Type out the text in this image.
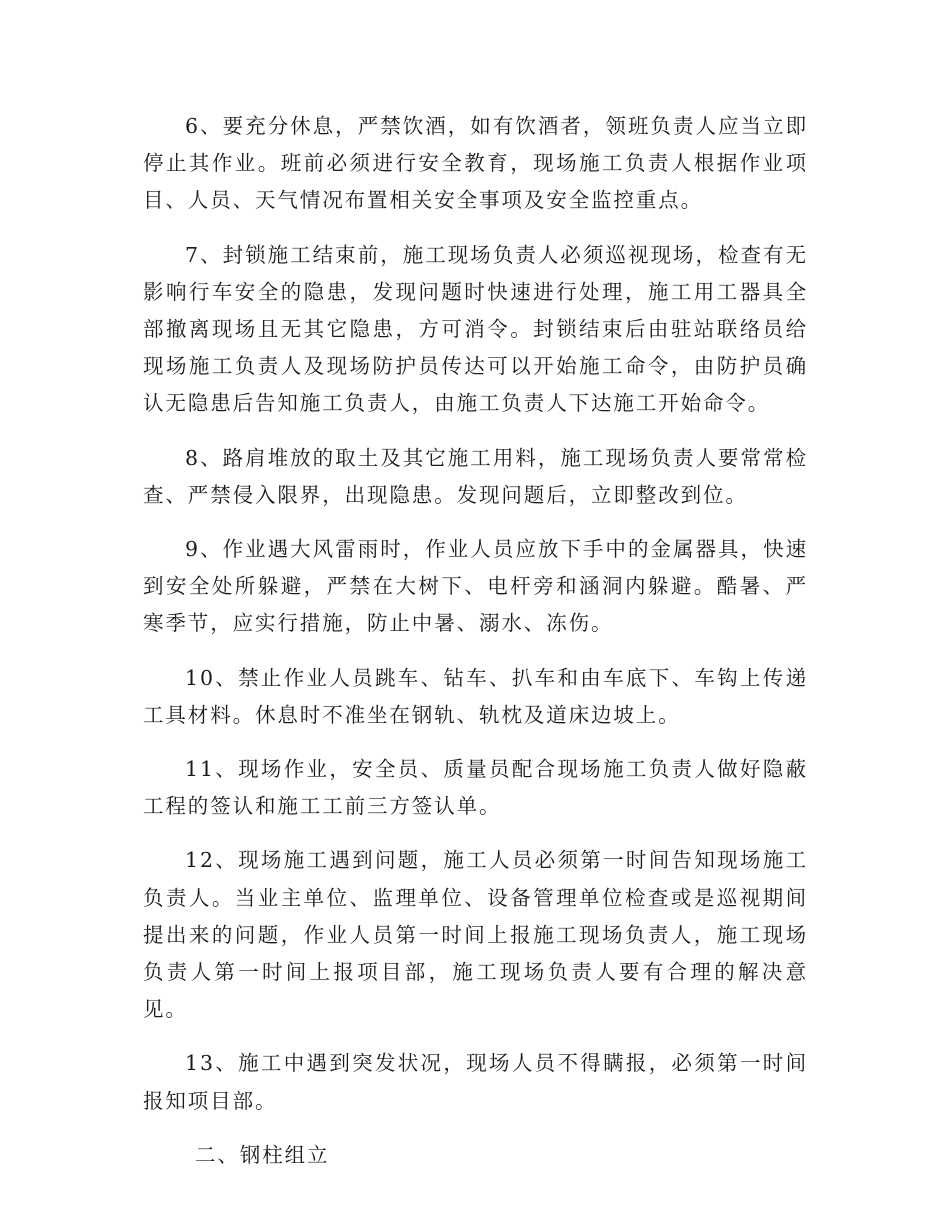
6、要充分休息，严禁饮酒，如有饮酒者，领班负责人应当立即停止其作业。班前必须进行安全教育，现场施工负责人根据作业项目、人员、天气情况布置相关安全事项及安全监控重点。

7、封锁施工结束前，施工现场负责人必须巡视现场，检查有无影响行车安全的隐患，发现问题时快速进行处理，施工用工器具全部撤离现场且无其它隐患，方可消令。封锁结束后由驻站联络员给现场施工负责人及现场防护员传达可以开始施工命令，由防护员确认无隐患后告知施工负责人，由施工负责人下达施工开始命令。

8、路肩堆放的取土及其它施工用料，施工现场负责人要常常检查、严禁侵入限界，出现隐患。发现问题后，立即整改到位。

9、作业遇大风雷雨时，作业人员应放下手中的金属器具，快速到安全处所躲避，严禁在大树下、电杆旁和涵洞内躲避。酷暑、严寒季节，应实行措施，防止中暑、溺水、冻伤。

10、禁止作业人员跳车、钻车、扒车和由车底下、车钩上传递工具材料。休息时不准坐在钢轨、轨枕及道床边坡上。

11、现场作业，安全员、质量员配合现场施工负责人做好隐蔽工程的签认和施工工前三方签认单。

12、现场施工遇到问题，施工人员必须第一时间告知现场施工负责人。当业主单位、监理单位、设备管理单位检查或是巡视期间提出来的问题，作业人员第一时间上报施工现场负责人，施工现场负责人第一时间上报项目部，施工现场负责人要有合理的解决意见。

13、施工中遇到突发状况，现场人员不得瞒报，必须第一时间报知项目部。

二、钢柱组立
